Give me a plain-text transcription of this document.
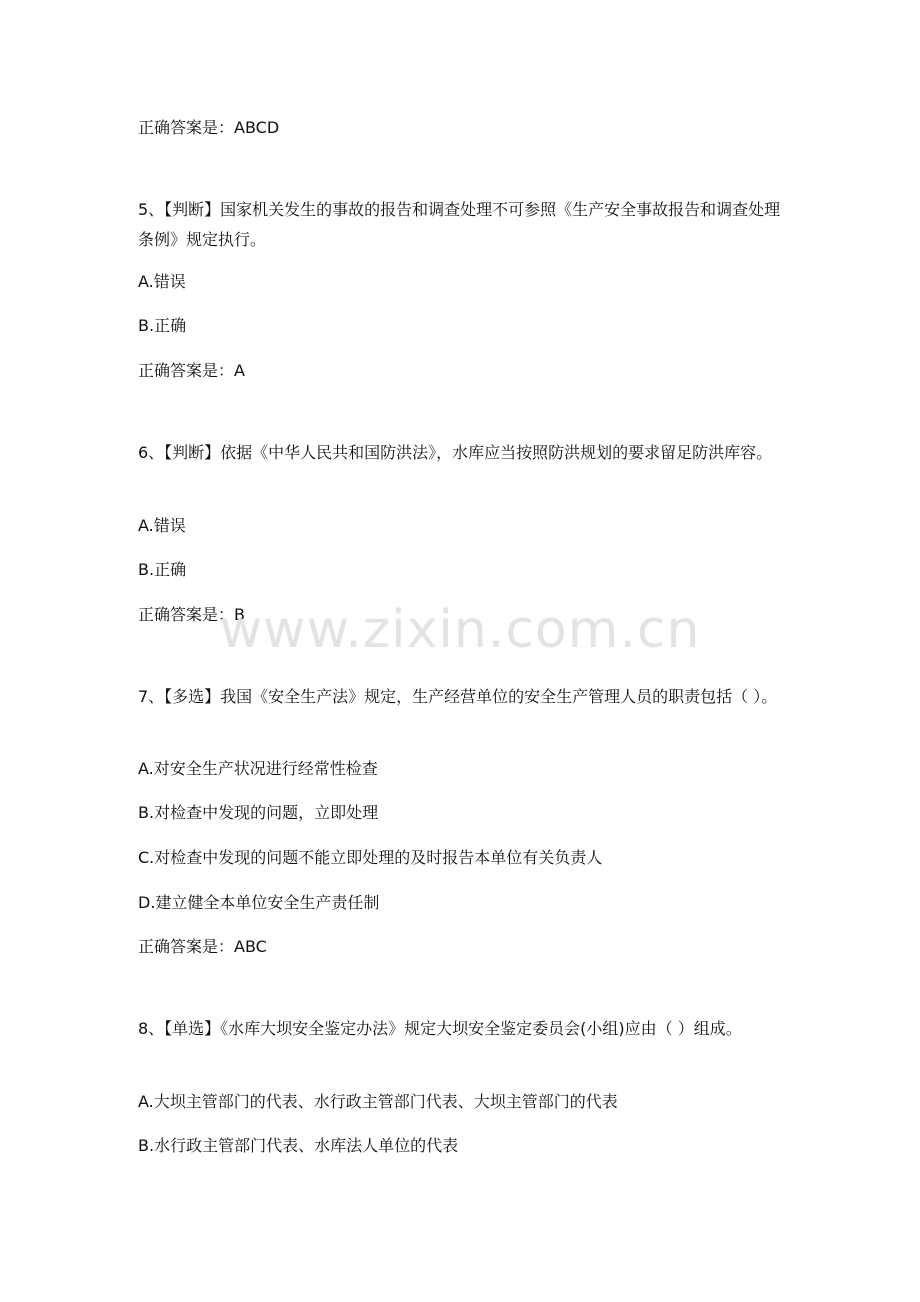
正确答案是：ABCD
5、【判断】国家机关发生的事故的报告和调查处理不可参照《生产安全事故报告和调查处理条例》规定执行。
A.错误
B.正确
正确答案是：A
6、【判断】依据《中华人民共和国防洪法》，水库应当按照防洪规划的要求留足防洪库容。
A.错误
B.正确
正确答案是：B
7、【多选】我国《安全生产法》规定，生产经营单位的安全生产管理人员的职责包括（ ）。
A.对安全生产状况进行经常性检查
B.对检查中发现的问题，立即处理
C.对检查中发现的问题不能立即处理的及时报告本单位有关负责人
D.建立健全本单位安全生产责任制
正确答案是：ABC
8、【单选】《水库大坝安全鉴定办法》规定大坝安全鉴定委员会(小组)应由（ ）组成。
A.大坝主管部门的代表、水行政主管部门代表、大坝主管部门的代表
B.水行政主管部门代表、水库法人单位的代表
www.zixin.com.cn
